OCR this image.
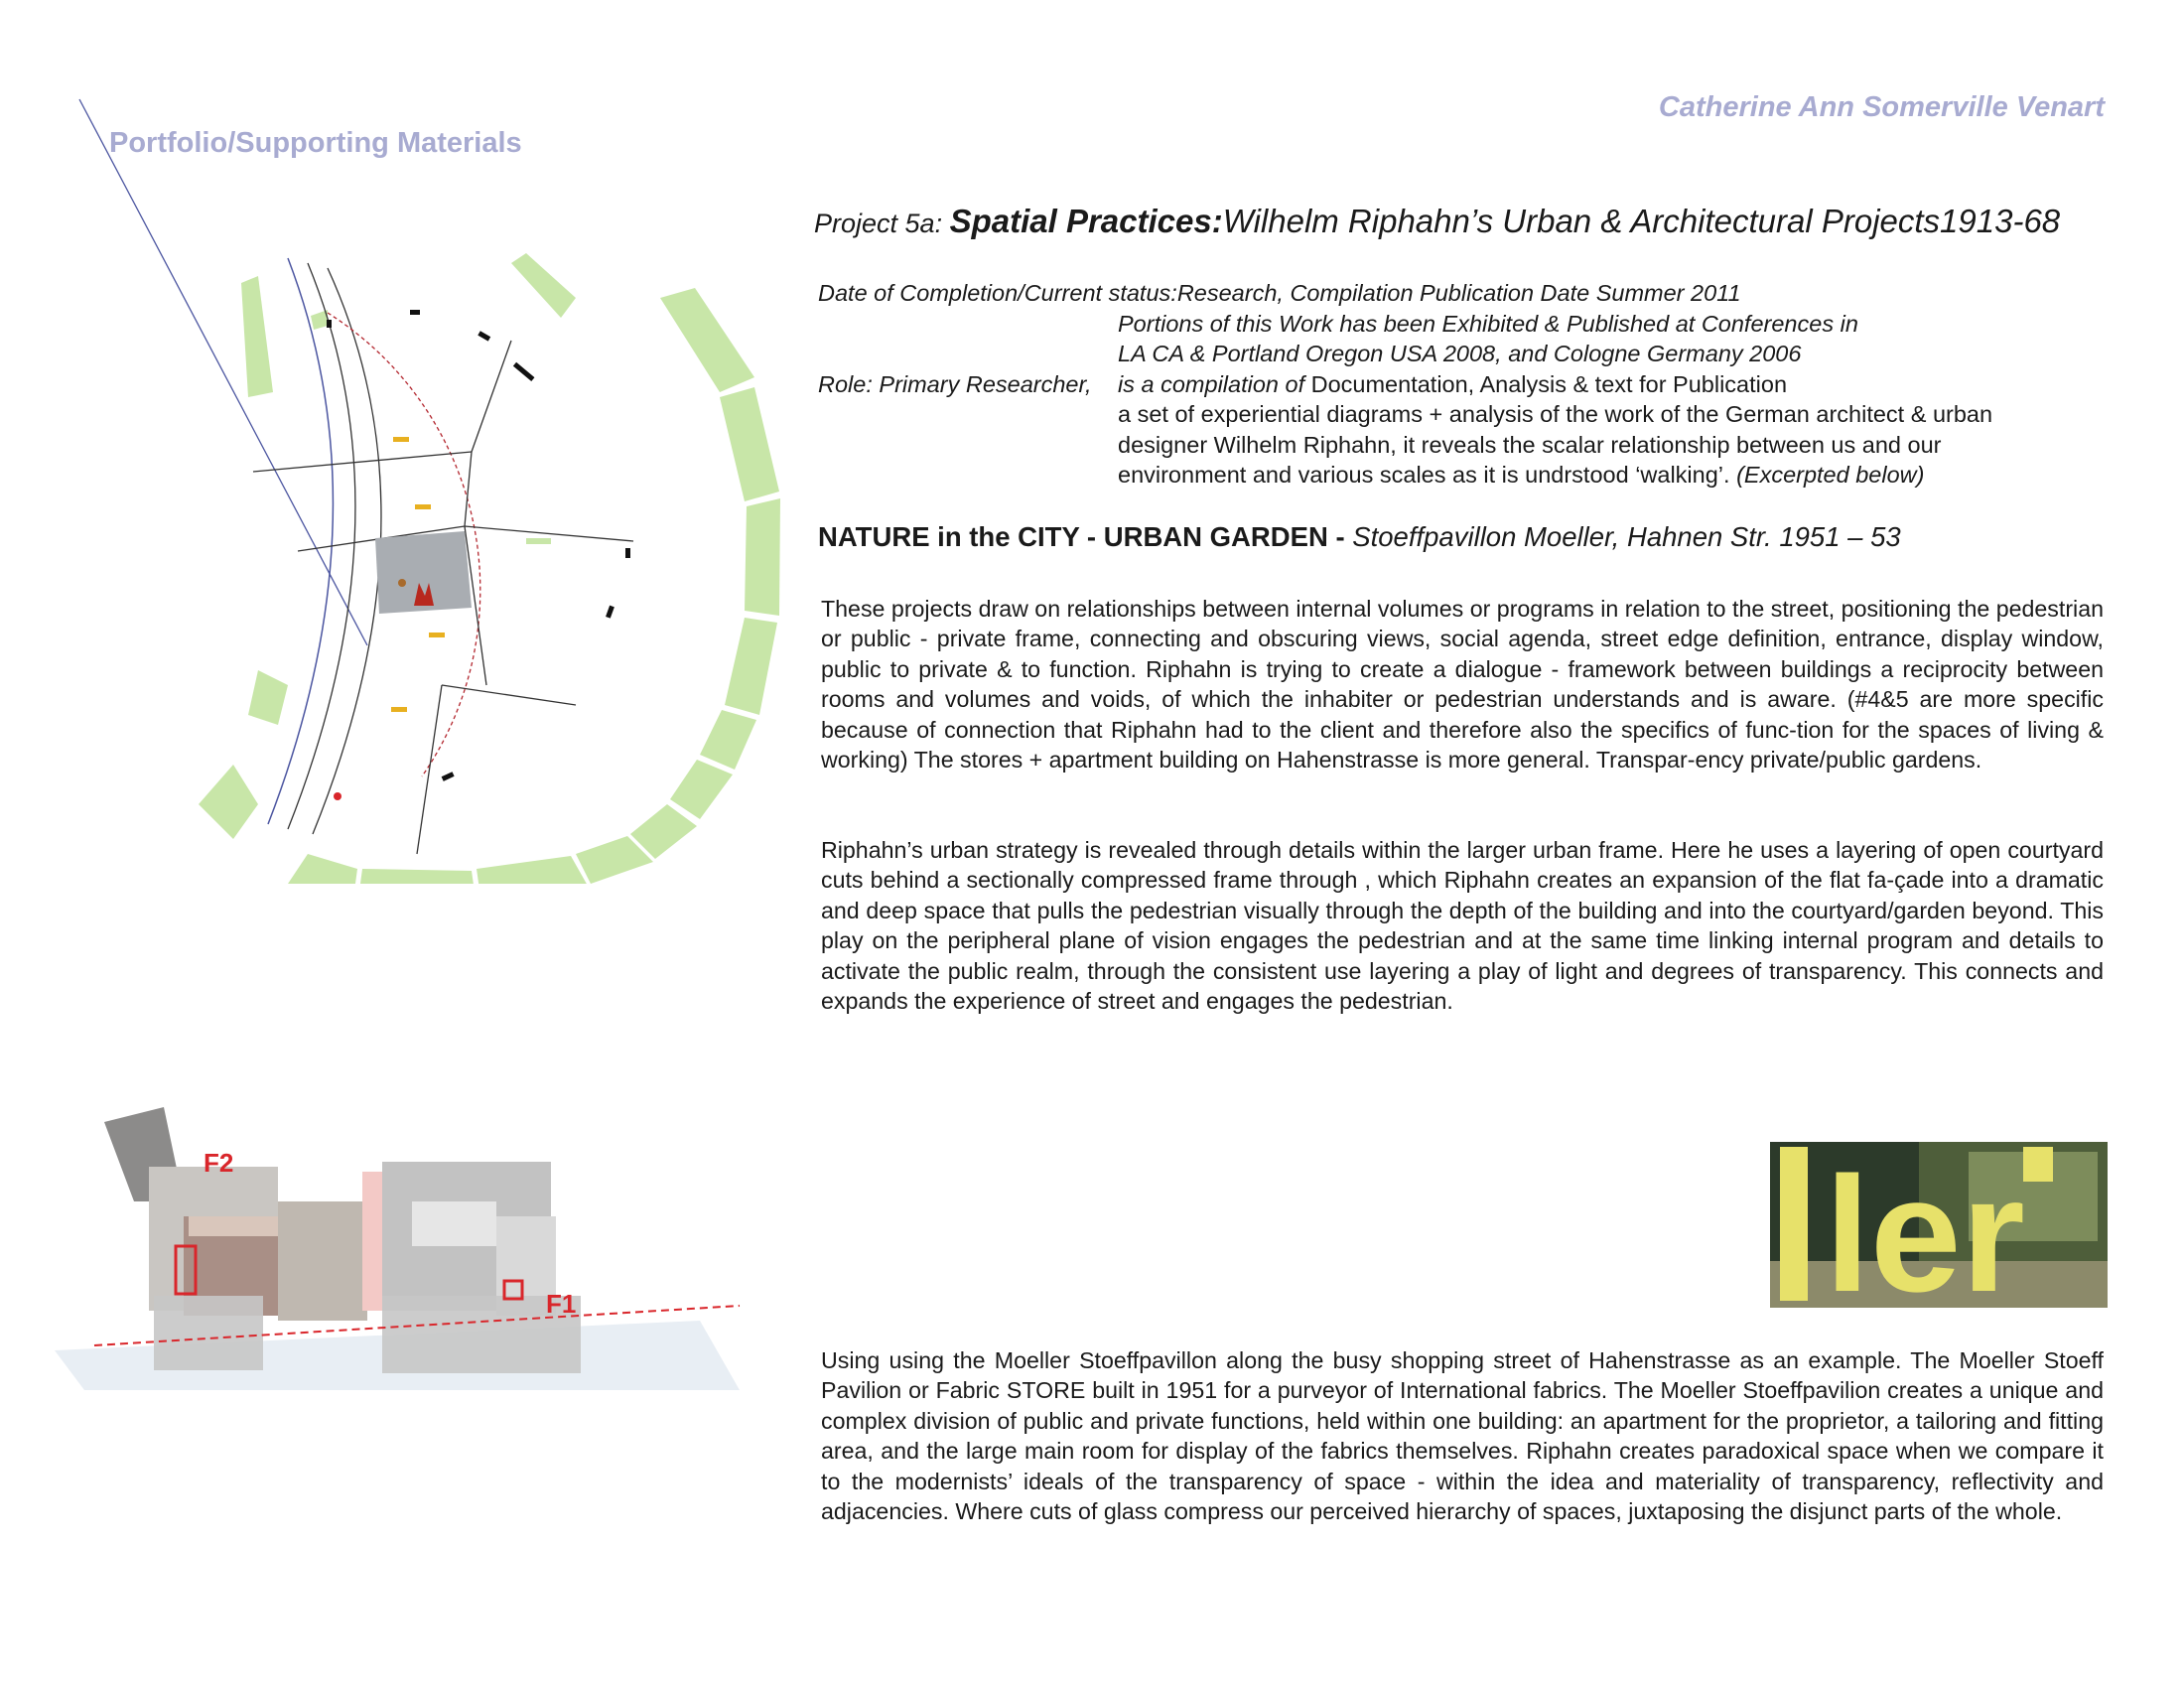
Portfolio/Supporting Materials
Catherine Ann Somerville Venart
Project 5a: Spatial Practices:Wilhelm Riphahn’s Urban & Architectural Projects1913-68
Date of Completion/Current status: Research, Compilation Publication Date Summer 2011
Portions of this Work has been Exhibited & Published at Conferences in
LA CA & Portland Oregon USA 2008, and Cologne Germany 2006
Role: Primary Researcher,	is a compilation of Documentation, Analysis & text for Publication
a set of experiential diagrams + analysis of the work of the German architect & urban
designer Wilhelm Riphahn, it reveals the scalar relationship between us and our
environment and various scales as it is undrstood ‘walking’. (Excerpted below)
NATURE in the CITY - URBAN GARDEN - Stoeffpavillon Moeller, Hahnen Str. 1951 – 53
These projects draw on relationships between internal volumes or programs in relation to the street, positioning the pedestrian or public - private frame, connecting and obscuring views, social agenda, street edge definition, entrance, display window, public to private & to function. Riphahn is trying to create a dialogue - framework between buildings a reciprocity between rooms and volumes and voids, of which the inhabiter or pedestrian understands and is aware. (#4&5 are more specific because of connection that Riphahn had to the client and therefore also the specifics of func-tion for the spaces of living & working) The stores + apartment building on Hahenstrasse is more general. Transpar-ency private/public gardens.
Riphahn’s urban strategy is revealed through details within the larger urban frame. Here he uses a layering of open courtyard cuts behind a sectionally compressed frame through , which Riphahn creates an expansion of the flat fa-çade into a dramatic and deep space that pulls the pedestrian visually through the depth of the building and into the courtyard/garden beyond. This play on the peripheral plane of vision engages the pedestrian and at the same time linking internal program and details to activate the public realm, through the consistent use layering a play of light and degrees of transparency. This connects and expands the experience of street and engages the pedestrian.
Using using the Moeller Stoeffpavillon along the busy shopping street of Hahenstrasse as an example. The Moeller Stoeff Pavilion or Fabric STORE built in 1951 for a purveyor of International fabrics. The Moeller Stoeffpavilion creates a unique and complex division of public and private functions, held within one building: an apartment for the proprietor, a tailoring and fitting area, and the large main room for display of the fabrics themselves. Riphahn creates paradoxical space when we compare it to the modernists’ ideals of the transparency of space - within the idea and materiality of transparency, reflectivity and adjacencies. Where cuts of glass compress our perceived hierarchy of spaces, juxtaposing the disjunct parts of the whole.
ler
F2
F1
